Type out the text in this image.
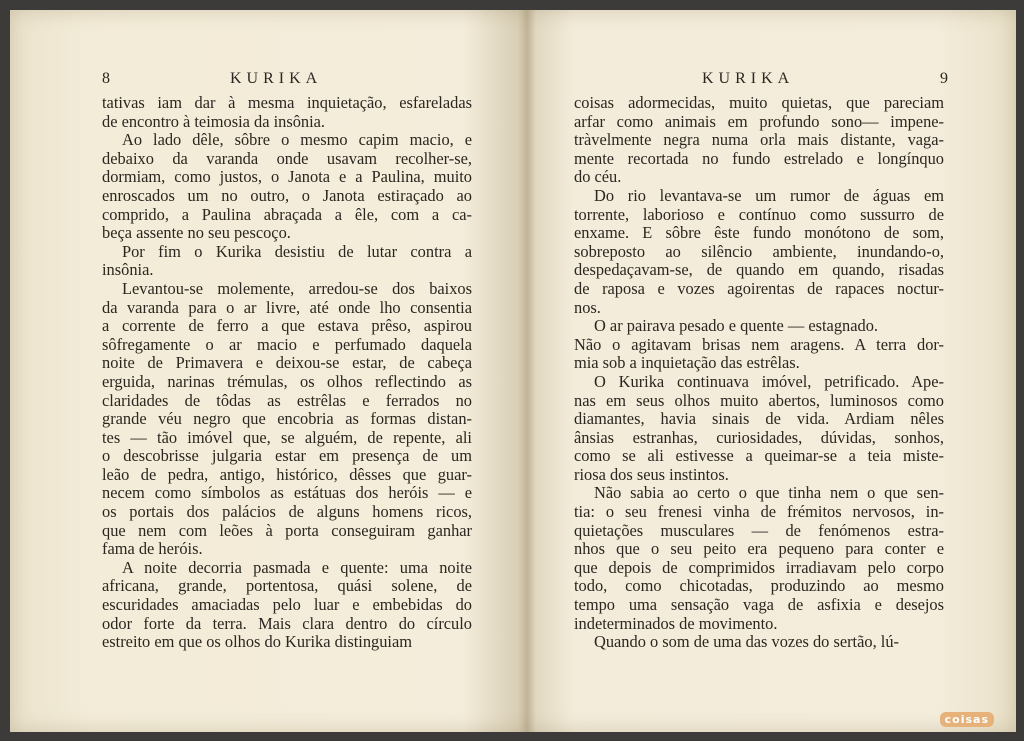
8	KURIKA
tativas iam dar à mesma inquietação, esfareladas
de encontro à teimosia da insônia.
Ao lado dêle, sôbre o mesmo capim macio, e
debaixo da varanda onde usavam recolher-se,
dormiam, como justos, o Janota e a Paulina, muito
enroscados um no outro, o Janota estiraçado ao
comprido, a Paulina abraçada a êle, com a ca-
beça assente no seu pescoço.
Por fim o Kurika desistiu de lutar contra a
insônia.
Levantou-se molemente, arredou-se dos baixos
da varanda para o ar livre, até onde lho consentia
a corrente de ferro a que estava prêso, aspirou
sôfregamente o ar macio e perfumado daquela
noite de Primavera e deixou-se estar, de cabeça
erguida, narinas trémulas, os olhos reflectindo as
claridades de tôdas as estrêlas e ferrados no
grande véu negro que encobria as formas distan-
tes — tão imóvel que, se alguém, de repente, ali
o descobrisse julgaria estar em presença de um
leão de pedra, antigo, histórico, dêsses que guar-
necem como símbolos as estátuas dos heróis — e
os portais dos palácios de alguns homens ricos,
que nem com leões à porta conseguiram ganhar
fama de heróis.
A noite decorria pasmada e quente: uma noite
africana, grande, portentosa, quási solene, de
escuridades amaciadas pelo luar e embebidas do
odor forte da terra. Mais clara dentro do círculo
estreito em que os olhos do Kurika distinguiam
KURIKA	9
coisas adormecidas, muito quietas, que pareciam
arfar como animais em profundo sono— impene-
tràvelmente negra numa orla mais distante, vaga-
mente recortada no fundo estrelado e longínquo
do céu.
Do rio levantava-se um rumor de águas em
torrente, laborioso e contínuo como sussurro de
enxame. E sôbre êste fundo monótono de som,
sobreposto ao silêncio ambiente, inundando-o,
despedaçavam-se, de quando em quando, risadas
de raposa e vozes agoirentas de rapaces noctur-
nos.
O ar pairava pesado e quente — estagnado.
Não o agitavam brisas nem aragens. A terra dor-
mia sob a inquietação das estrêlas.
O Kurika continuava imóvel, petrificado. Ape-
nas em seus olhos muito abertos, luminosos como
diamantes, havia sinais de vida. Ardiam nêles
ânsias estranhas, curiosidades, dúvidas, sonhos,
como se ali estivesse a queimar-se a teia miste-
riosa dos seus instintos.
Não sabia ao certo o que tinha nem o que sen-
tia: o seu frenesi vinha de frémitos nervosos, in-
quietações musculares — de fenómenos estra-
nhos que o seu peito era pequeno para conter e
que depois de comprimidos irradiavam pelo corpo
todo, como chicotadas, produzindo ao mesmo
tempo uma sensação vaga de asfixia e desejos
indeterminados de movimento.
Quando o som de uma das vozes do sertão, lú-
coisas
